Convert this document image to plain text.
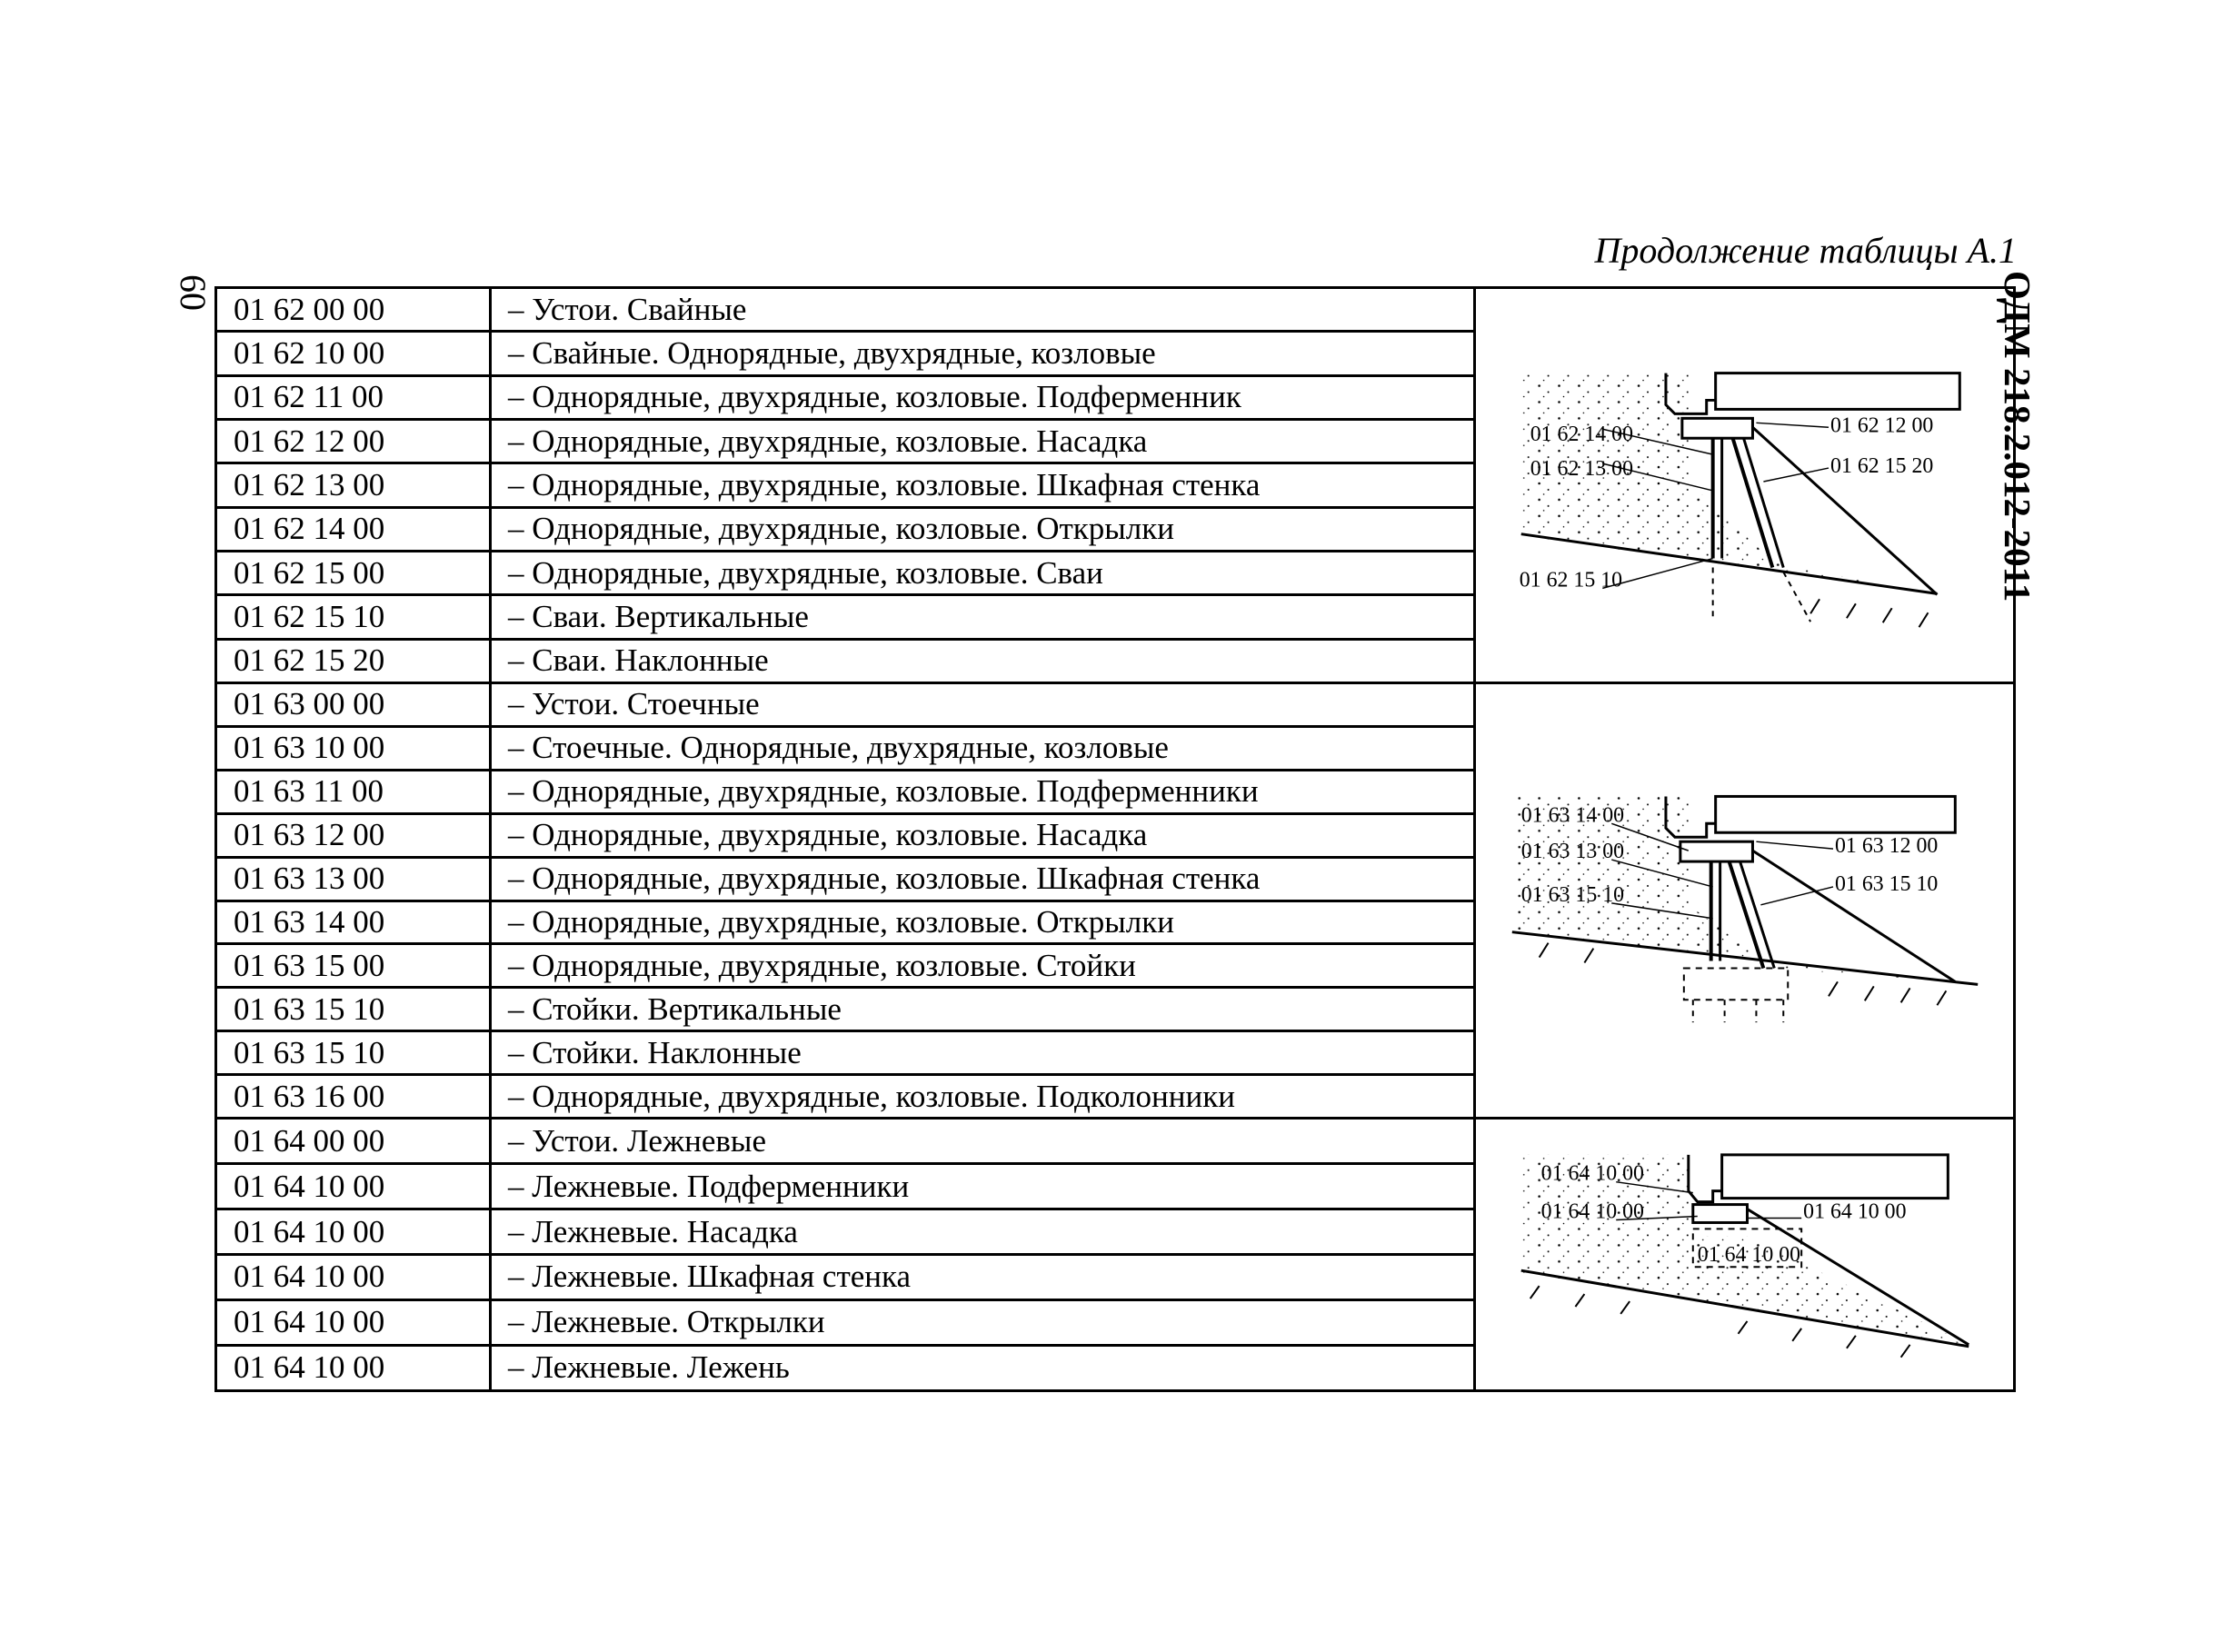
60	ОДМ 218.2.012-2011
Продолжение таблицы А.1
01 62 00 00	– Устои. Свайные	01 62 14 00
01 62 13 00
01 62 15 10
01 62 12 00
01 62 15 20

01 62 10 00	– Свайные. Однорядные, двухрядные, козловые	
01 62 11 00	– Однорядные, двухрядные, козловые. Подферменник	
01 62 12 00	– Однорядные, двухрядные, козловые. Насадка	
01 62 13 00	– Однорядные, двухрядные, козловые. Шкафная стенка	
01 62 14 00	– Однорядные, двухрядные, козловые. Открылки	
01 62 15 00	– Однорядные, двухрядные, козловые. Сваи	
01 62 15 10	– Сваи. Вертикальные	
01 62 15 20	– Сваи. Наклонные	
01 63 00 00	– Устои. Стоечные	01 63 14 00
01 63 13 00
01 63 15 10
01 63 12 00
01 63 15 10

01 63 10 00	– Стоечные. Однорядные, двухрядные, козловые	
01 63 11 00	– Однорядные, двухрядные, козловые. Подферменники	
01 63 12 00	– Однорядные, двухрядные, козловые. Насадка	
01 63 13 00	– Однорядные, двухрядные, козловые. Шкафная стенка	
01 63 14 00	– Однорядные, двухрядные, козловые. Открылки	
01 63 15 00	– Однорядные, двухрядные, козловые. Стойки	
01 63 15 10	– Стойки. Вертикальные	
01 63 15 10	– Стойки. Наклонные	
01 63 16 00	– Однорядные, двухрядные, козловые. Подколонники	
01 64 00 00	– Устои. Лежневые	01 64 10 00
01 64 10 00 01 64 10 00
01 64 10 00

01 64 10 00	– Лежневые. Подферменники	
01 64 10 00	– Лежневые. Насадка	
01 64 10 00	– Лежневые. Шкафная стенка	
01 64 10 00	– Лежневые. Открылки	
01 64 10 00	– Лежневые. Лежень	
